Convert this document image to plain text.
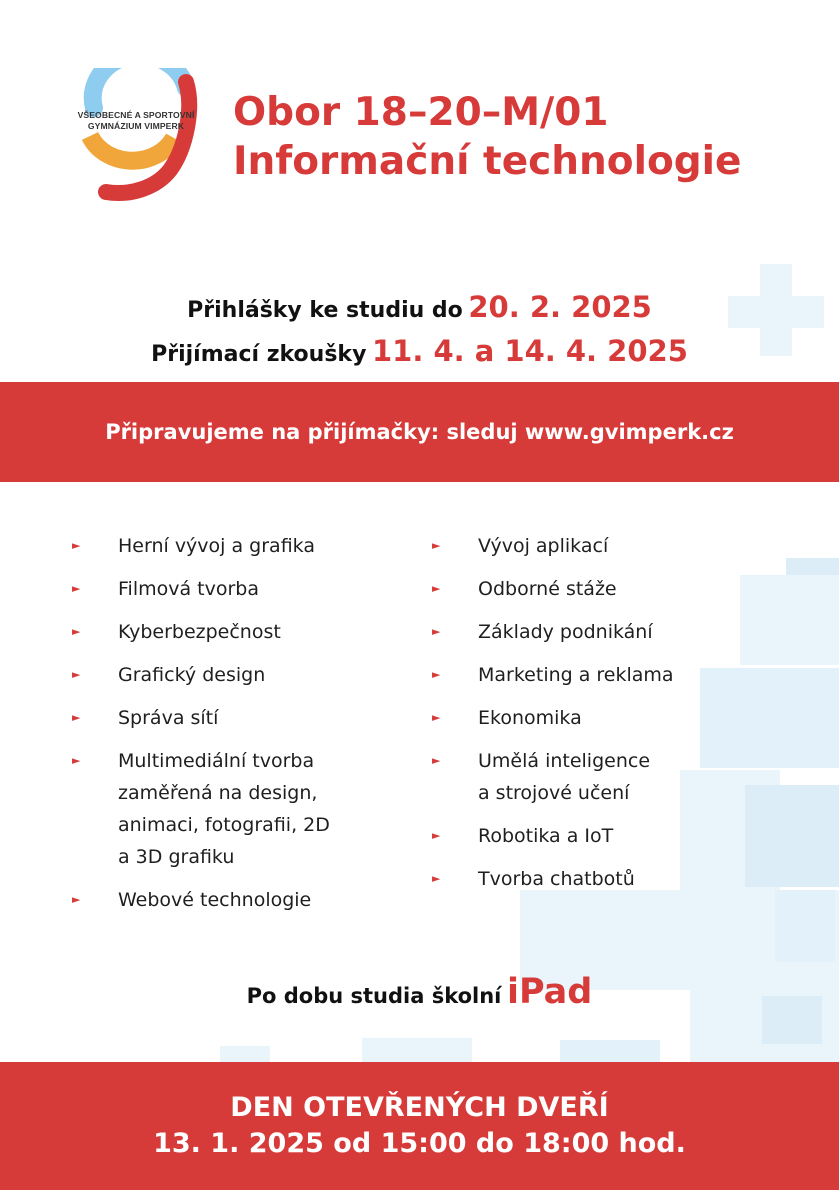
VŠEOBECNÉ A SPORTOVNÍ
GYMNÁZIUM VIMPERK	Obor 18–20–M/01
Informační technologie
Přihlášky ke studiu do 20. 2. 2025
Přijímací zkoušky 11. 4. a 14. 4. 2025
Připravujeme na přijímačky: sleduj www.gvimperk.cz
► Herní vývoj a grafika
► Filmová tvorba
► Kyberbezpečnost
► Grafický design
► Správa sítí
► Multimediální tvorba
zaměřená na design,
animaci, fotografii, 2D
a 3D grafiku
► Webové technologie
► Vývoj aplikací
► Odborné stáže
► Základy podnikání
► Marketing a reklama
► Ekonomika
► Umělá inteligence
a strojové učení
► Robotika a IoT
► Tvorba chatbotů
Po dobu studia školní iPad
DEN OTEVŘENÝCH DVEŘÍ
13. 1. 2025 od 15:00 do 18:00 hod.
